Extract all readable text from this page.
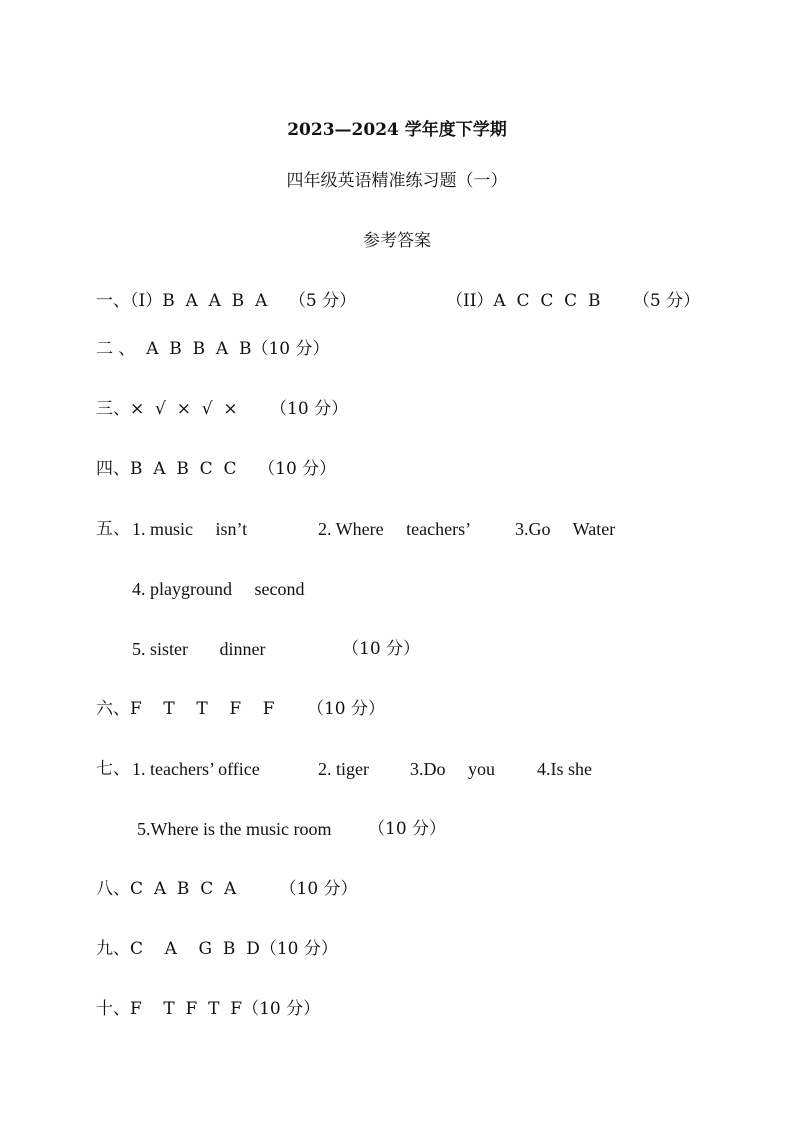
2023—2024 学年度下学期
四年级英语精准练习题（一）
参考答案
一、（I）B  A  A  B  A    （5 分）	（II）A  C  C  C  B      （5 分）
二 、  A  B  B  A  B（10 分）
三、×  √  ×  √  ×      （10 分）
四、B  A  B  C  C    （10 分）
五、 1. music     isn’t	2. Where     teachers’ 3.Go     Water
4. playground     second
5. sister       dinner	（10 分）
六、F    T    T    F    F      （10 分）
七、 1. teachers’ office	2. tiger 3.Do     you 4.Is she
5.Where is the music room （10 分）
八、C  A  B  C  A        （10 分）
九、C    A    G  B  D（10 分）
十、F    T  F  T  F（10 分）
